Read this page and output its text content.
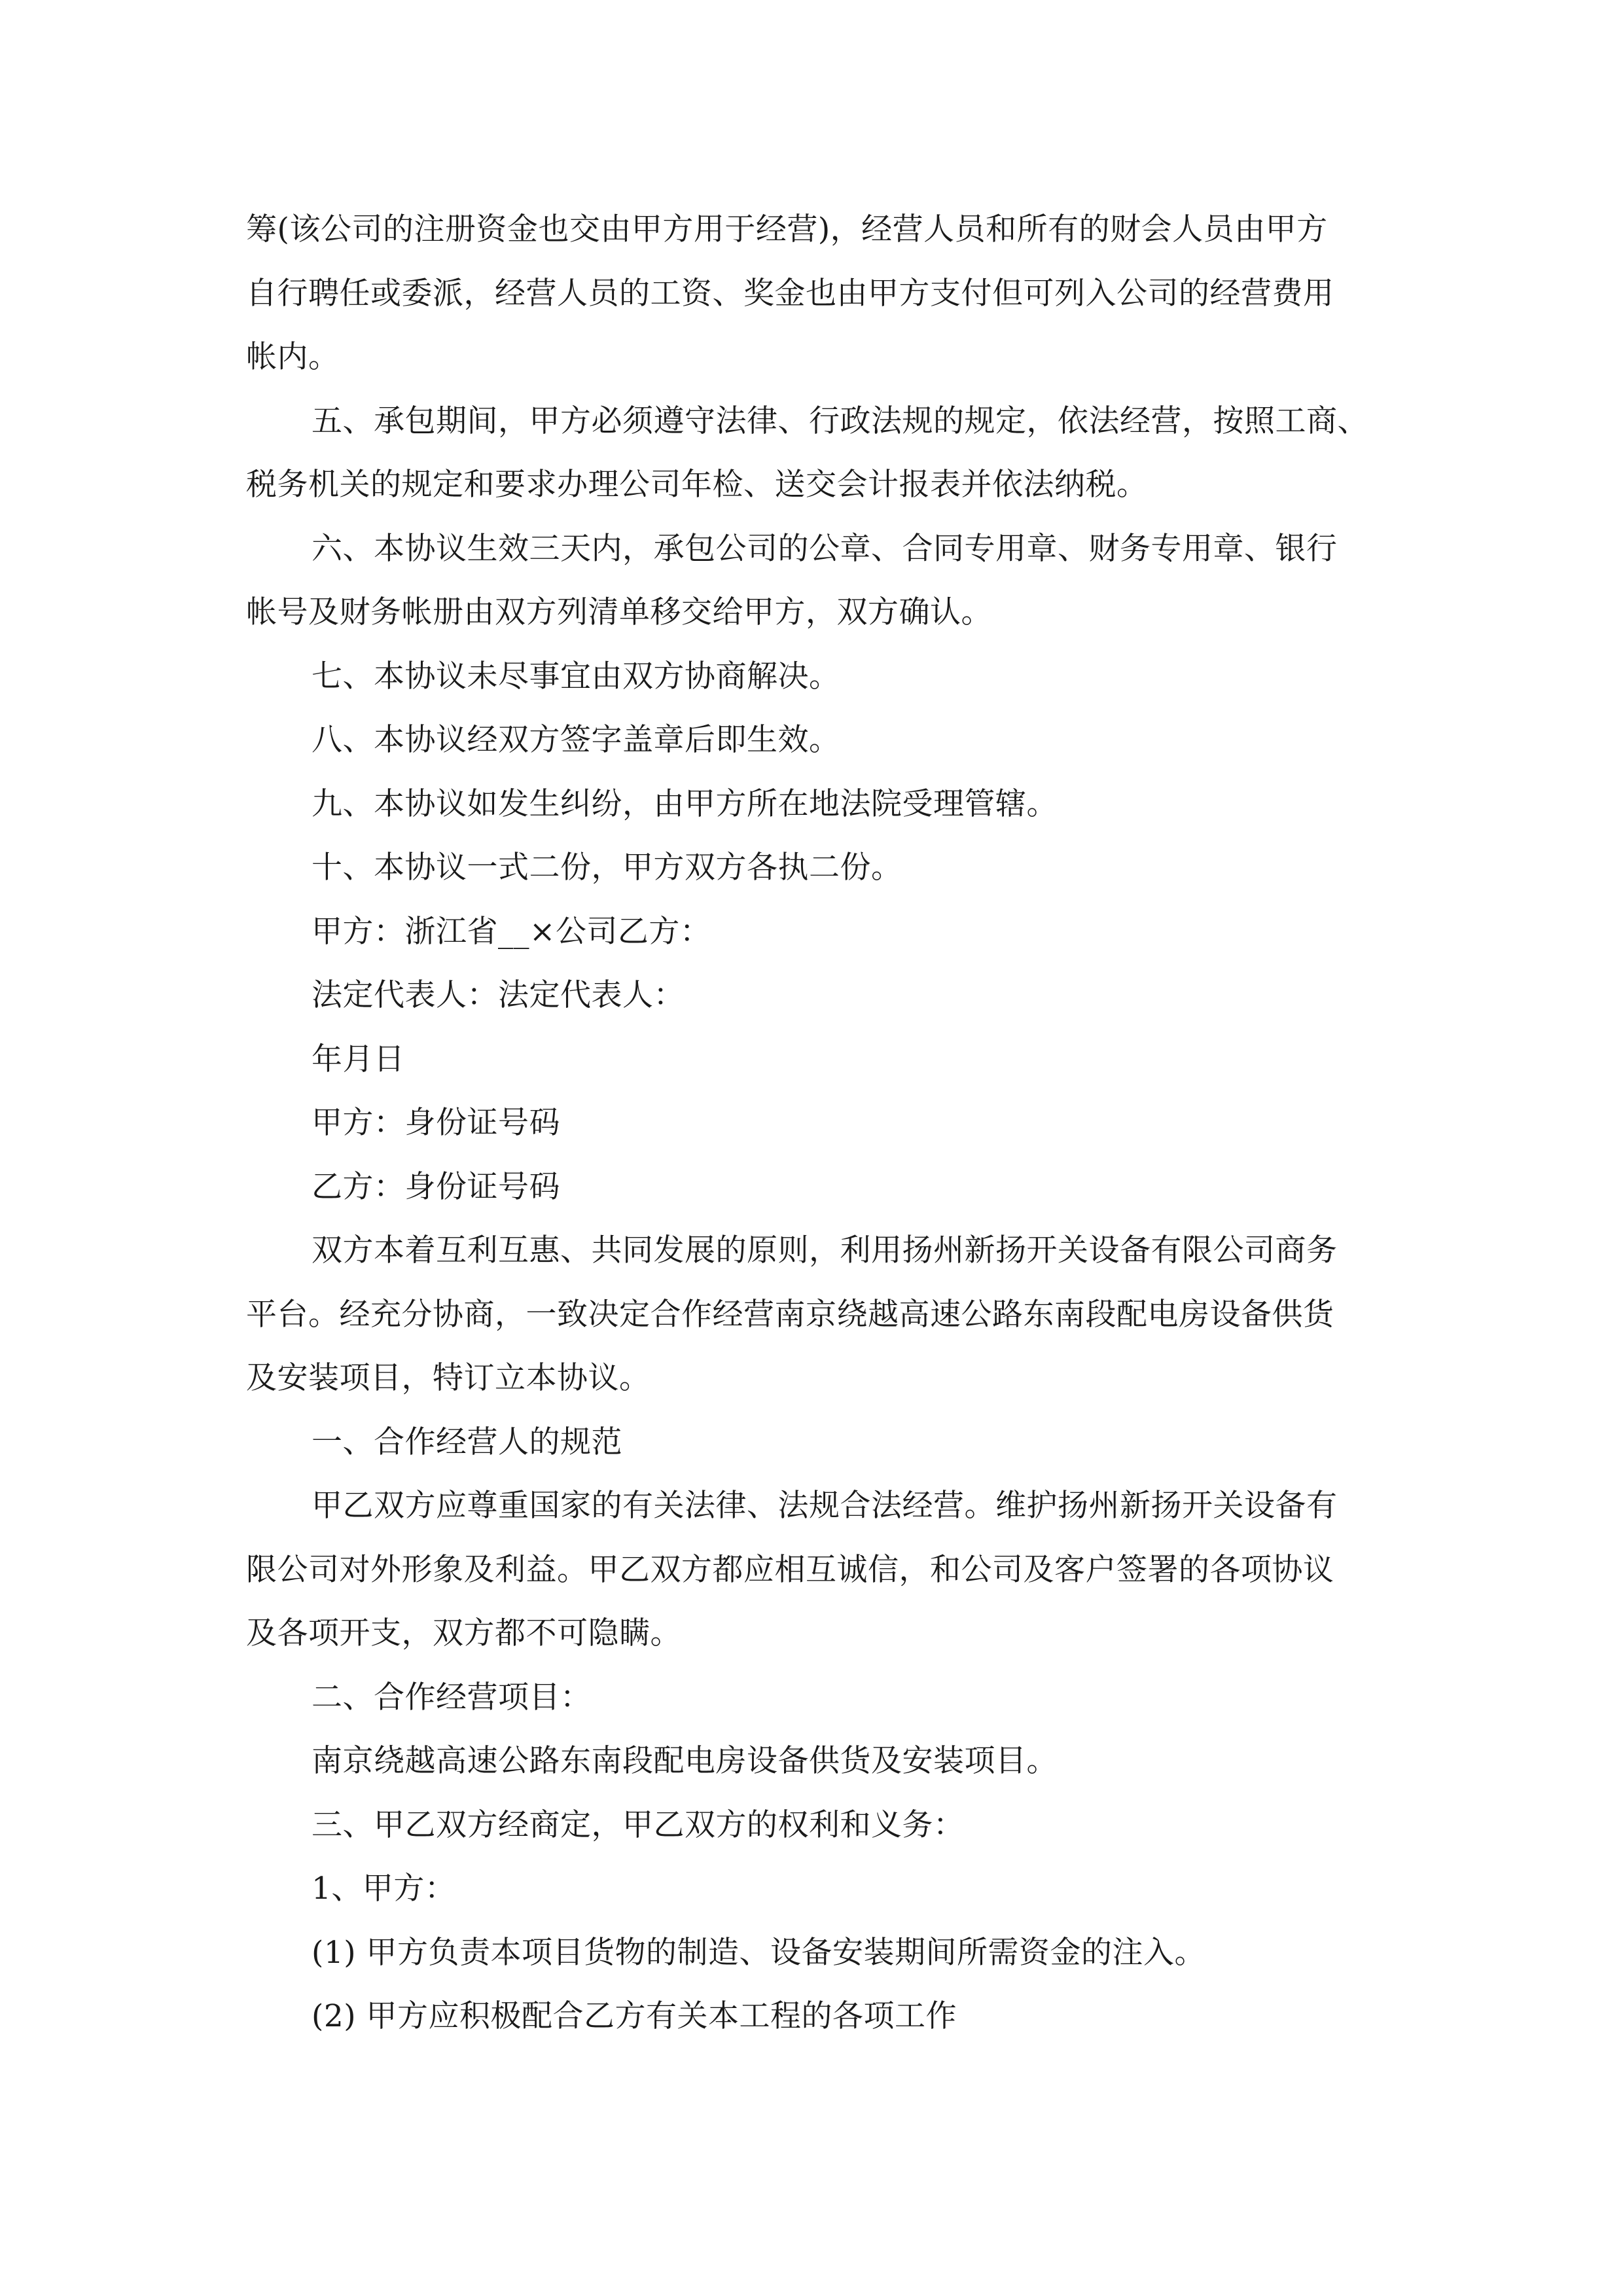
筹(该公司的注册资金也交由甲方用于经营)，经营人员和所有的财会人员由甲方
自行聘任或委派，经营人员的工资、奖金也由甲方支付但可列入公司的经营费用
帐内。
五、承包期间，甲方必须遵守法律、行政法规的规定，依法经营，按照工商、
税务机关的规定和要求办理公司年检、送交会计报表并依法纳税。
六、本协议生效三天内，承包公司的公章、合同专用章、财务专用章、银行
帐号及财务帐册由双方列清单移交给甲方，双方确认。
七、本协议未尽事宜由双方协商解决。
八、本协议经双方签字盖章后即生效。
九、本协议如发生纠纷，由甲方所在地法院受理管辖。
十、本协议一式二份，甲方双方各执二份。
甲方：浙江省__×公司乙方：
法定代表人：法定代表人：
年月日
甲方：身份证号码
乙方：身份证号码
双方本着互利互惠、共同发展的原则，利用扬州新扬开关设备有限公司商务
平台。经充分协商，一致决定合作经营南京绕越高速公路东南段配电房设备供货
及安装项目，特订立本协议。
一、合作经营人的规范
甲乙双方应尊重国家的有关法律、法规合法经营。维护扬州新扬开关设备有
限公司对外形象及利益。甲乙双方都应相互诚信，和公司及客户签署的各项协议
及各项开支，双方都不可隐瞒。
二、合作经营项目：
南京绕越高速公路东南段配电房设备供货及安装项目。
三、甲乙双方经商定，甲乙双方的权利和义务：
1、甲方：
(1) 甲方负责本项目货物的制造、设备安装期间所需资金的注入。
(2) 甲方应积极配合乙方有关本工程的各项工作
